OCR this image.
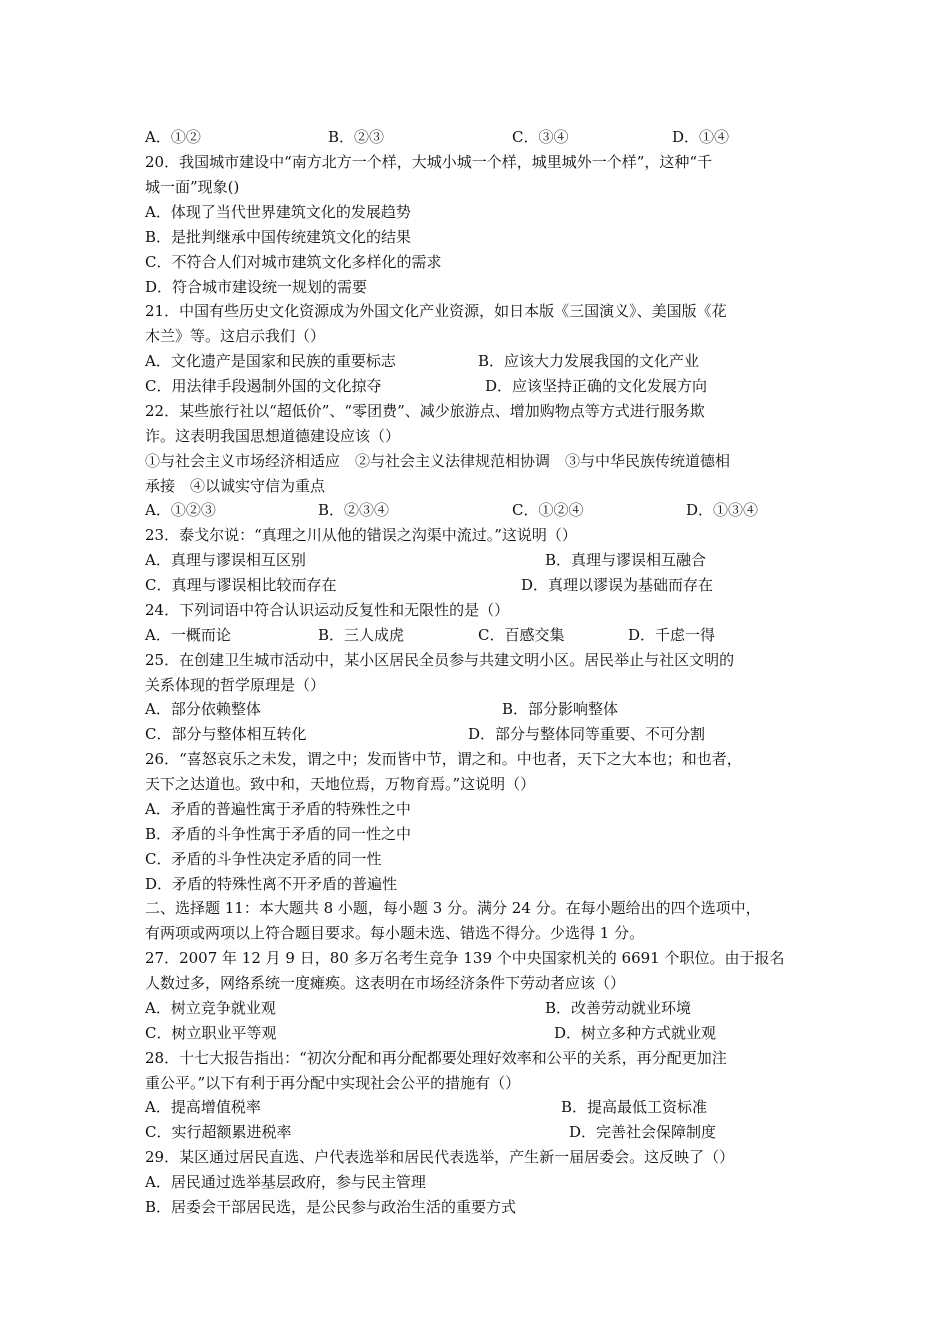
A．①②	B．②③	C．③④	D．①④
20．我国城市建设中“南方北方一个样，大城小城一个样，城里城外一个样”，这种“千
城一面”现象()
A．体现了当代世界建筑文化的发展趋势
B．是批判继承中国传统建筑文化的结果
C．不符合人们对城市建筑文化多样化的需求
D．符合城市建设统一规划的需要
21．中国有些历史文化资源成为外国文化产业资源，如日本版《三国演义》、美国版《花
木兰》等。这启示我们（）
A．文化遗产是国家和民族的重要标志	B．应该大力发展我国的文化产业
C．用法律手段遏制外国的文化掠夺	D．应该坚持正确的文化发展方向
22．某些旅行社以“超低价”、“零团费”、减少旅游点、增加购物点等方式进行服务欺
诈。这表明我国思想道德建设应该（）
①与社会主义市场经济相适应　②与社会主义法律规范相协调　③与中华民族传统道德相
承接　④以诚实守信为重点
A．①②③	B．②③④	C．①②④	D．①③④
23．泰戈尔说：“真理之川从他的错误之沟渠中流过。”这说明（）
A．真理与谬误相互区别	B．真理与谬误相互融合
C．真理与谬误相比较而存在	D．真理以谬误为基础而存在
24．下列词语中符合认识运动反复性和无限性的是（）
A．一概而论	B．三人成虎	C．百感交集	D．千虑一得
25．在创建卫生城市活动中，某小区居民全员参与共建文明小区。居民举止与社区文明的
关系体现的哲学原理是（）
A．部分依赖整体	B．部分影响整体
C．部分与整体相互转化	D．部分与整体同等重要、不可分割
26．“喜怒哀乐之未发，谓之中；发而皆中节，谓之和。中也者，天下之大本也；和也者，
天下之达道也。致中和，天地位焉，万物育焉。”这说明（）
A．矛盾的普遍性寓于矛盾的特殊性之中
B．矛盾的斗争性寓于矛盾的同一性之中
C．矛盾的斗争性决定矛盾的同一性
D．矛盾的特殊性离不开矛盾的普遍性
二、选择题 11：本大题共 8 小题，每小题 3 分。满分 24 分。在每小题给出的四个选项中，
有两项或两项以上符合题目要求。每小题未选、错选不得分。少选得 1 分。
27．2007 年 12 月 9 日，80 多万名考生竞争 139 个中央国家机关的 6691 个职位。由于报名
人数过多，网络系统一度瘫痪。这表明在市场经济条件下劳动者应该（）
A．树立竞争就业观	B．改善劳动就业环境
C．树立职业平等观	D．树立多种方式就业观
28．十七大报告指出：“初次分配和再分配都要处理好效率和公平的关系，再分配更加注
重公平。”以下有利于再分配中实现社会公平的措施有（）
A．提高增值税率	B．提高最低工资标准
C．实行超额累进税率	D．完善社会保障制度
29．某区通过居民直选、户代表选举和居民代表选举，产生新一届居委会。这反映了（）
A．居民通过选举基层政府，参与民主管理
B．居委会干部居民选，是公民参与政治生活的重要方式
